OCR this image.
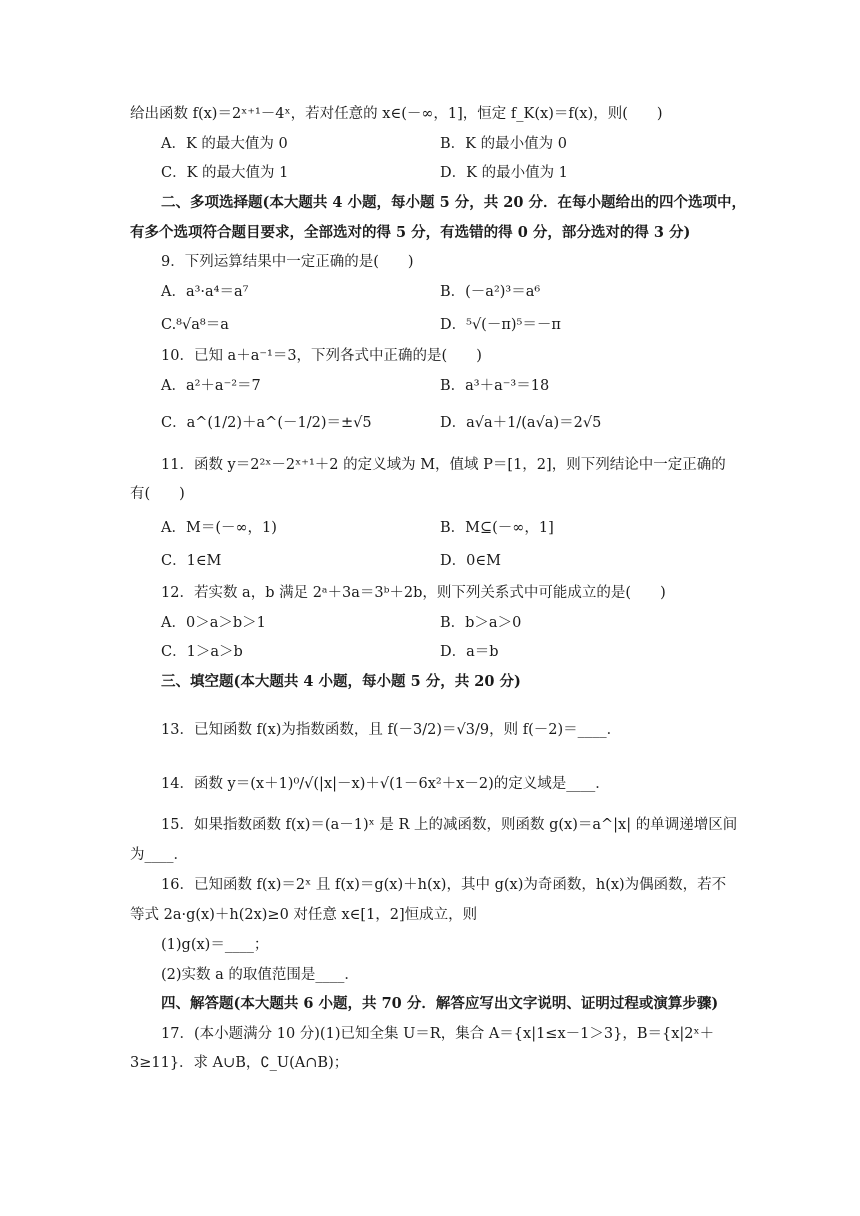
给出函数 f(x)＝2ˣ⁺¹－4ˣ，若对任意的 x∈(－∞，1]，恒定 f_K(x)＝f(x)，则(　　)
A．K 的最大值为 0	B．K 的最小值为 0
C．K 的最大值为 1	D．K 的最小值为 1
二、多项选择题(本大题共 4 小题，每小题 5 分，共 20 分．在每小题给出的四个选项中，
有多个选项符合题目要求，全部选对的得 5 分，有选错的得 0 分，部分选对的得 3 分)
9．下列运算结果中一定正确的是(　　)
A．a³·a⁴＝a⁷	B．(－a²)³＝a⁶
C.⁸√a⁸＝a	D．⁵√(－π)⁵＝－π
10．已知 a＋a⁻¹＝3，下列各式中正确的是(　　)
A．a²＋a⁻²＝7	B．a³＋a⁻³＝18
C．a^(1/2)＋a^(－1/2)＝±√5	D．a√a＋1/(a√a)＝2√5
11．函数 y＝2²ˣ－2ˣ⁺¹＋2 的定义域为 M，值域 P＝[1，2]，则下列结论中一定正确的
有(　　)
A．M＝(－∞，1)	B．M⊆(－∞，1]
C．1∈M	D．0∈M
12．若实数 a，b 满足 2ᵃ＋3a＝3ᵇ＋2b，则下列关系式中可能成立的是(　　)
A．0＞a＞b＞1	B．b＞a＞0
C．1＞a＞b	D．a＝b
三、填空题(本大题共 4 小题，每小题 5 分，共 20 分)
13．已知函数 f(x)为指数函数，且 f(－3/2)＝√3/9，则 f(－2)＝____．
14．函数 y＝(x＋1)⁰/√(|x|－x)＋√(1－6x²＋x－2)的定义域是____．
15．如果指数函数 f(x)＝(a－1)ˣ 是 R 上的减函数，则函数 g(x)＝a^|x| 的单调递增区间
为____．
16．已知函数 f(x)＝2ˣ 且 f(x)＝g(x)＋h(x)，其中 g(x)为奇函数，h(x)为偶函数，若不
等式 2a·g(x)＋h(2x)≥0 对任意 x∈[1，2]恒成立，则
(1)g(x)＝____；
(2)实数 a 的取值范围是____．
四、解答题(本大题共 6 小题，共 70 分．解答应写出文字说明、证明过程或演算步骤)
17．(本小题满分 10 分)(1)已知全集 U＝R，集合 A＝{x|1≤x－1＞3}，B＝{x|2ˣ＋
3≥11}．求 A∪B，∁_U(A∩B)；
